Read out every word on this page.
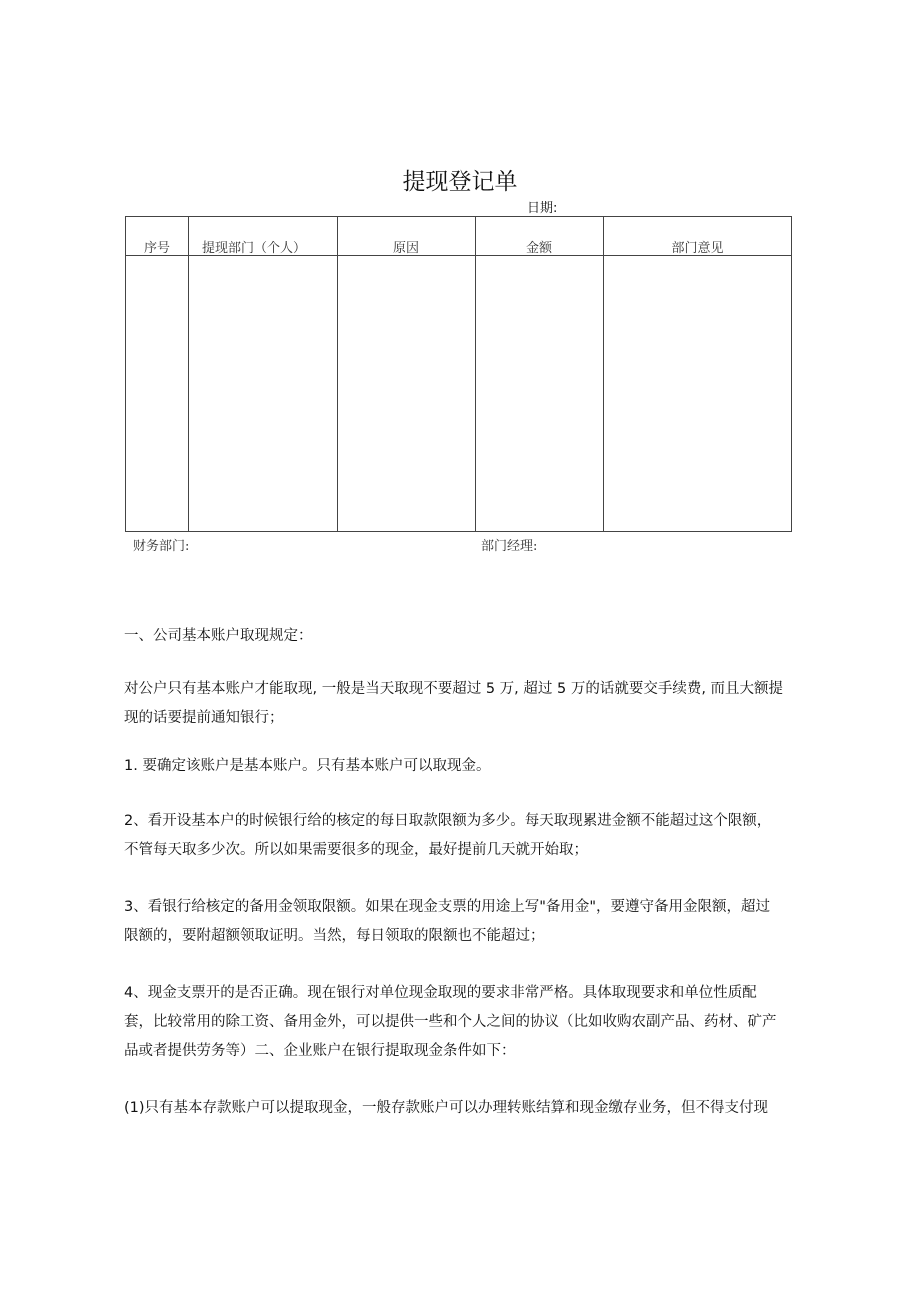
提现登记单
日期:
序号	提现部门（个人）	原因	金额	部门意见
财务部门:	部门经理:
一、公司基本账户取现规定：
对公户只有基本账户才能取现, 一般是当天取现不要超过 5 万, 超过 5 万的话就要交手续费, 而且大额提
现的话要提前通知银行；
1. 要确定该账户是基本账户。只有基本账户可以取现金。
2、看开设基本户的时候银行给的核定的每日取款限额为多少。每天取现累进金额不能超过这个限额，
不管每天取多少次。所以如果需要很多的现金，最好提前几天就开始取；
3、看银行给核定的备用金领取限额。如果在现金支票的用途上写"备用金"，要遵守备用金限额，超过
限额的，要附超额领取证明。当然，每日领取的限额也不能超过；
4、现金支票开的是否正确。现在银行对单位现金取现的要求非常严格。具体取现要求和单位性质配
套，比较常用的除工资、备用金外，可以提供一些和个人之间的协议（比如收购农副产品、药材、矿产
品或者提供劳务等）二、企业账户在银行提取现金条件如下：
(1)只有基本存款账户可以提取现金，一般存款账户可以办理转账结算和现金缴存业务，但不得支付现
